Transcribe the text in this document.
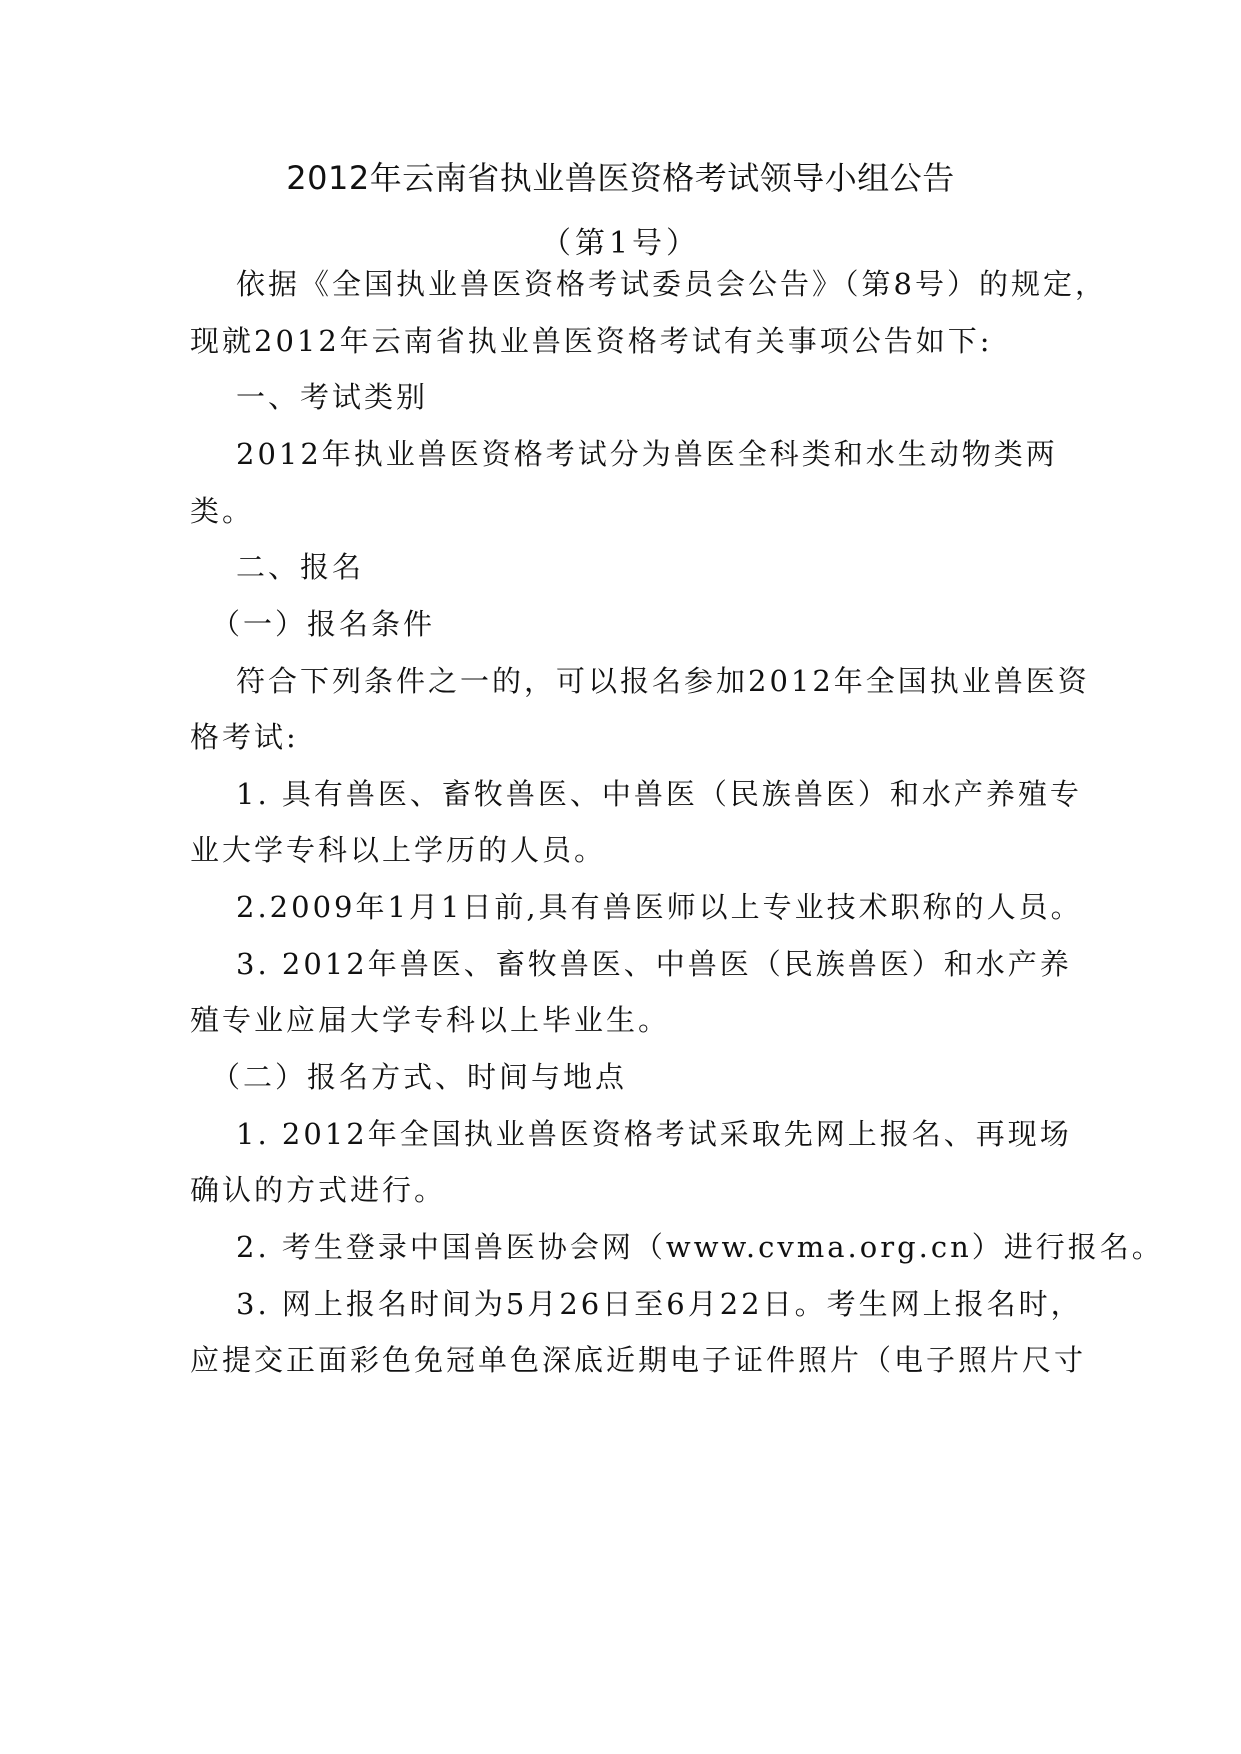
2012年云南省执业兽医资格考试领导小组公告
（第1号）
依据《全国执业兽医资格考试委员会公告》（第8号）的规定，
现就2012年云南省执业兽医资格考试有关事项公告如下:
一、考试类别
2012年执业兽医资格考试分为兽医全科类和水生动物类两
类。
二、报名
（一）报名条件
符合下列条件之一的，可以报名参加2012年全国执业兽医资
格考试:
1. 具有兽医、畜牧兽医、中兽医（民族兽医）和水产养殖专
业大学专科以上学历的人员。
2.2009年1月1日前,具有兽医师以上专业技术职称的人员。
3. 2012年兽医、畜牧兽医、中兽医（民族兽医）和水产养
殖专业应届大学专科以上毕业生。
（二）报名方式、时间与地点
1. 2012年全国执业兽医资格考试采取先网上报名、再现场
确认的方式进行。
2. 考生登录中国兽医协会网（www.cvma.org.cn）进行报名。
3. 网上报名时间为5月26日至6月22日。考生网上报名时，
应提交正面彩色免冠单色深底近期电子证件照片（电子照片尺寸
